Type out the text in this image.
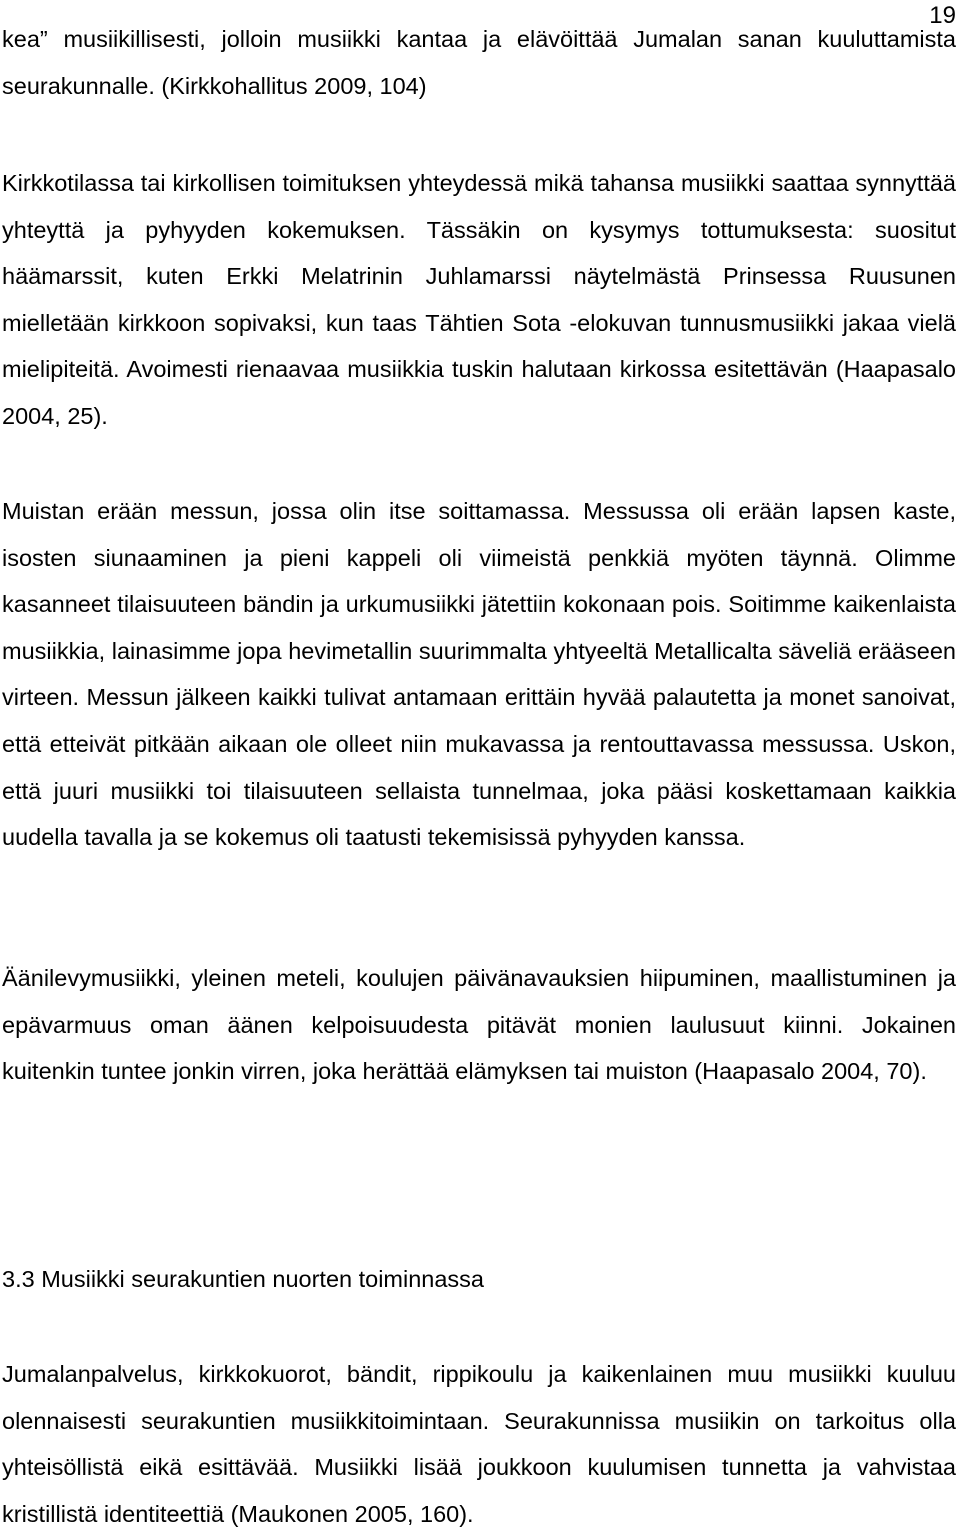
19

kea” musiikillisesti, jolloin musiikki kantaa ja elävöittää Jumalan sanan kuuluttamista seurakunnalle. (Kirkkohallitus 2009, 104)

Kirkkotilassa tai kirkollisen toimituksen yhteydessä mikä tahansa musiikki saattaa synnyttää yhteyttä ja pyhyyden kokemuksen. Tässäkin on kysymys tottumuksesta: suositut häämarssit, kuten Erkki Melatrinin Juhlamarssi näytelmästä Prinsessa Ruusunen mielletään kirkkoon sopivaksi, kun taas Tähtien Sota -elokuvan tunnusmusiikki jakaa vielä mielipiteitä. Avoimesti rienaavaa musiikkia tuskin halutaan kirkossa esitettävän (Haapasalo 2004, 25).

Muistan erään messun, jossa olin itse soittamassa. Messussa oli erään lapsen kaste, isosten siunaaminen ja pieni kappeli oli viimeistä penkkiä myöten täynnä. Olimme kasanneet tilaisuuteen bändin ja urkumusiikki jätettiin kokonaan pois. Soitimme kaikenlaista musiikkia, lainasimme jopa hevimetallin suurimmalta yhtyeeltä Metallicalta säveliä erääseen virteen. Messun jälkeen kaikki tulivat antamaan erittäin hyvää palautetta ja monet sanoivat, että etteivät pitkään aikaan ole olleet niin mukavassa ja rentouttavassa messussa. Uskon, että juuri musiikki toi tilaisuuteen sellaista tunnelmaa, joka pääsi koskettamaan kaikkia uudella tavalla ja se kokemus oli taatusti tekemisissä pyhyyden kanssa.

Äänilevymusiikki, yleinen meteli, koulujen päivänavauksien hiipuminen, maallistuminen ja epävarmuus oman äänen kelpoisuudesta pitävät monien laulusuut kiinni. Jokainen kuitenkin tuntee jonkin virren, joka herättää elämyksen tai muiston (Haapasalo 2004, 70).

3.3 Musiikki seurakuntien nuorten toiminnassa

Jumalanpalvelus, kirkkokuorot, bändit, rippikoulu ja kaikenlainen muu musiikki kuuluu olennaisesti seurakuntien musiikkitoimintaan. Seurakunnissa musiikin on tarkoitus olla yhteisöllistä eikä esittävää. Musiikki lisää joukkoon kuulumisen tunnetta ja vahvistaa kristillistä identiteettiä (Maukonen 2005, 160).
